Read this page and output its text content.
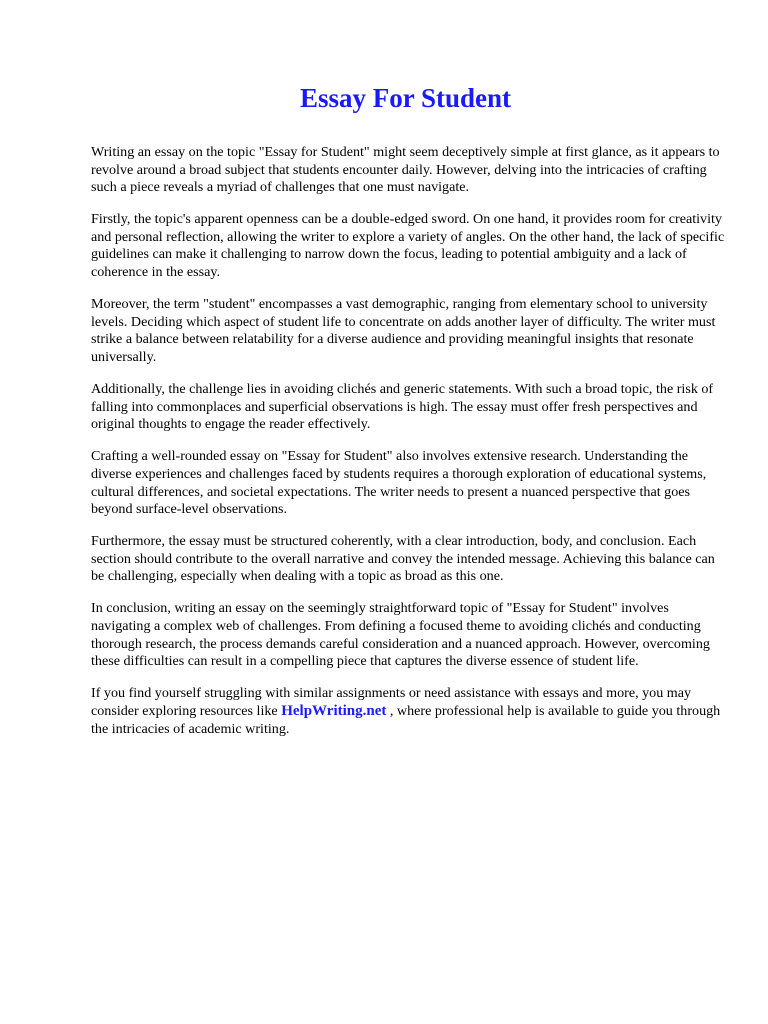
Essay For Student

Writing an essay on the topic "Essay for Student" might seem deceptively simple at first glance, as it appears to revolve around a broad subject that students encounter daily. However, delving into the intricacies of crafting such a piece reveals a myriad of challenges that one must navigate.

Firstly, the topic's apparent openness can be a double-edged sword. On one hand, it provides room for creativity and personal reflection, allowing the writer to explore a variety of angles. On the other hand, the lack of specific guidelines can make it challenging to narrow down the focus, leading to potential ambiguity and a lack of coherence in the essay.

Moreover, the term "student" encompasses a vast demographic, ranging from elementary school to university levels. Deciding which aspect of student life to concentrate on adds another layer of difficulty. The writer must strike a balance between relatability for a diverse audience and providing meaningful insights that resonate universally.

Additionally, the challenge lies in avoiding clichés and generic statements. With such a broad topic, the risk of falling into commonplaces and superficial observations is high. The essay must offer fresh perspectives and original thoughts to engage the reader effectively.

Crafting a well-rounded essay on "Essay for Student" also involves extensive research. Understanding the diverse experiences and challenges faced by students requires a thorough exploration of educational systems, cultural differences, and societal expectations. The writer needs to present a nuanced perspective that goes beyond surface-level observations.

Furthermore, the essay must be structured coherently, with a clear introduction, body, and conclusion. Each section should contribute to the overall narrative and convey the intended message. Achieving this balance can be challenging, especially when dealing with a topic as broad as this one.

In conclusion, writing an essay on the seemingly straightforward topic of "Essay for Student" involves navigating a complex web of challenges. From defining a focused theme to avoiding clichés and conducting thorough research, the process demands careful consideration and a nuanced approach. However, overcoming these difficulties can result in a compelling piece that captures the diverse essence of student life.

If you find yourself struggling with similar assignments or need assistance with essays and more, you may consider exploring resources like HelpWriting.net , where professional help is available to guide you through the intricacies of academic writing.
